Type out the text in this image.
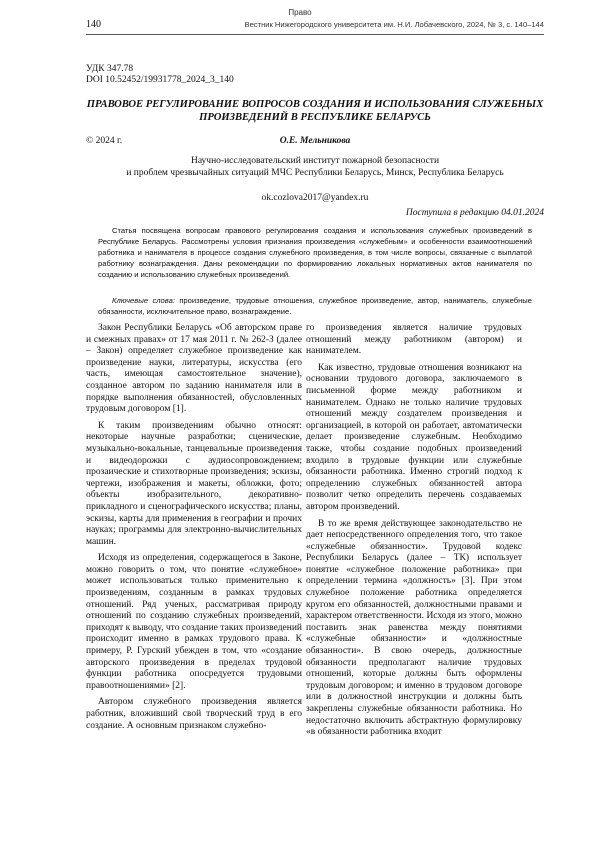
Право
140	Вестник Нижегородского университета им. Н.И. Лобачевского, 2024, № 3, с. 140–144
УДК 347.78
DOI 10.52452/19931778_2024_3_140
ПРАВОВОЕ РЕГУЛИРОВАНИЕ ВОПРОСОВ СОЗДАНИЯ И ИСПОЛЬЗОВАНИЯ СЛУЖЕБНЫХ ПРОИЗВЕДЕНИЙ В РЕСПУБЛИКЕ БЕЛАРУСЬ
© 2024 г.	О.Е. Мельникова
Научно-исследовательский институт пожарной безопасности
и проблем чрезвычайных ситуаций МЧС Республики Беларусь, Минск, Республика Беларусь
ok.cozlova2017@yandex.ru
Поступила в редакцию 04.01.2024
Статья посвящена вопросам правового регулирования создания и использования служебных произведений в Республике Беларусь. Рассмотрены условия признания произведения «служебным» и особенности взаимоотношений работника и нанимателя в процессе создания служебного произведения, в том числе вопросы, связанные с выплатой работнику вознаграждения. Даны рекомендации по формированию локальных нормативных актов нанимателя по созданию и использованию служебных произведений.
Ключевые слова: произведение, трудовые отношения, служебное произведение, автор, наниматель, служебные обязанности, исключительное право, вознаграждение.

Закон Республики Беларусь «Об авторском праве и смежных правах» от 17 мая 2011 г. № 262-З (далее – Закон) определяет служебное произведение как произведение науки, литературы, искусства (его часть, имеющая самостоятельное значение), созданное автором по заданию нанимателя или в порядке выполнения обязанностей, обусловленных трудовым договором [1].

К таким произведениям обычно относят: некоторые научные разработки; сценические, музыкально-вокальные, танцевальные произведения и видеодорожки с аудиосопровождением; прозаические и стихотворные произведения; эскизы, чертежи, изображения и макеты, обложки, фото; объекты изобразительного, декоративно-прикладного и сценографического искусства; планы, эскизы, карты для применения в географии и прочих науках; программы для электронно-вычислительных машин.

Исходя из определения, содержащегося в Законе, можно говорить о том, что понятие «служебное» может использоваться только применительно к произведениям, созданным в рамках трудовых отношений. Ряд ученых, рассматривая природу отношений по созданию служебных произведений, приходят к выводу, что создание таких произведений происходит именно в рамках трудового права. К примеру, Р. Гурский убежден в том, что «создание авторского произведения в пределах трудовой функции работника опосредуется трудовыми правоотношениями» [2].

Автором служебного произведения является работник, вложивший свой творческий труд в его создание. А основным признаком служебно-

го произведения является наличие трудовых отношений между работником (автором) и нанимателем.

Как известно, трудовые отношения возникают на основании трудового договора, заключаемого в письменной форме между работником и нанимателем. Однако не только наличие трудовых отношений между создателем произведения и организацией, в которой он работает, автоматически делает произведение служебным. Необходимо также, чтобы создание подобных произведений входило в трудовые функции или служебные обязанности работника. Именно строгий подход к определению служебных обязанностей автора позволит четко определить перечень создаваемых автором произведений.

В то же время действующее законодательство не дает непосредственного определения того, что такое «служебные обязанности». Трудовой кодекс Республики Беларусь (далее – ТК) использует понятие «служебное положение работника» при определении термина «должность» [3]. При этом служебное положение работника определяется кругом его обязанностей, должностными правами и характером ответственности. Исходя из этого, можно поставить знак равенства между понятиями «служебные обязанности» и «должностные обязанности». В свою очередь, должностные обязанности предполагают наличие трудовых отношений, которые должны быть оформлены трудовым договором; и именно в трудовом договоре или в должностной инструкции и должны быть закреплены служебные обязанности работника. Но недостаточно включить абстрактную формулировку «в обязанности работника входит
